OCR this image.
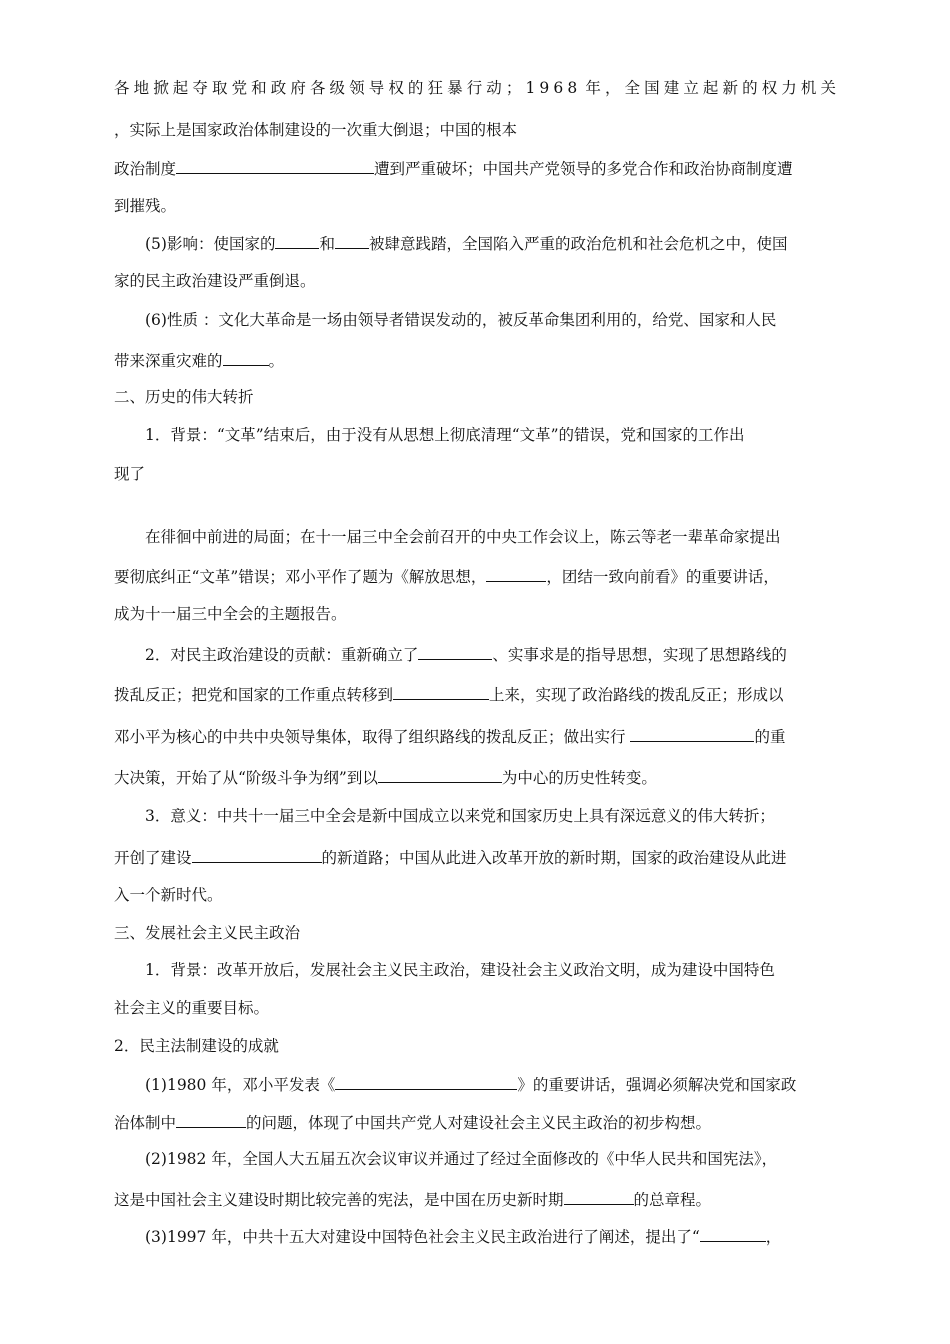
各 地 掀 起 夺 取 党 和 政 府 各 级 领 导 权 的 狂 暴 行 动 ； 1 9 6 8 年 ， 全 国 建 立 起 新 的 权 力 机 关

，实际上是国家政治体制建设的一次重大倒退；中国的根本

政治制度	遭到严重破坏；中国共产党领导的多党合作和政治协商制度遭

到摧残。

(5)影响：使国家的	和 被肆意践踏，全国陷入严重的政治危机和社会危机之中，使国

家的民主政治建设严重倒退。

(6)性质 ：文化大革命是一场由领导者错误发动的，被反革命集团利用的，给党、国家和人民

带来深重灾难的	。

二、历史的伟大转折

1．背景：“文革”结束后，由于没有从思想上彻底清理“文革”的错误，党和国家的工作出

现了

在徘徊中前进的局面；在十一届三中全会前召开的中央工作会议上，陈云等老一辈革命家提出

要彻底纠正“文革”错误；邓小平作了题为《解放思想，	，团结一致向前看》的重要讲话，

成为十一届三中全会的主题报告。

2．对民主政治建设的贡献：重新确立了	、实事求是的指导思想，实现了思想路线的

拨乱反正；把党和国家的工作重点转移到	上来，实现了政治路线的拨乱反正；形成以

邓小平为核心的中共中央领导集体，取得了组织路线的拨乱反正；做出实行	的重

大决策，开始了从“阶级斗争为纲”到以	为中心的历史性转变。

3．意义：中共十一届三中全会是新中国成立以来党和国家历史上具有深远意义的伟大转折；

开创了建设	的新道路；中国从此进入改革开放的新时期，国家的政治建设从此进

入一个新时代。

三、发展社会主义民主政治

1．背景：改革开放后，发展社会主义民主政治，建设社会主义政治文明，成为建设中国特色

社会主义的重要目标。

2．民主法制建设的成就

(1)1980 年，邓小平发表《	》的重要讲话，强调必须解决党和国家政

治体制中	的问题，体现了中国共产党人对建设社会主义民主政治的初步构想。

(2)1982 年，全国人大五届五次会议审议并通过了经过全面修改的《中华人民共和国宪法》，

这是中国社会主义建设时期比较完善的宪法，是中国在历史新时期	的总章程。

(3)1997 年，中共十五大对建设中国特色社会主义民主政治进行了阐述，提出了“	，
